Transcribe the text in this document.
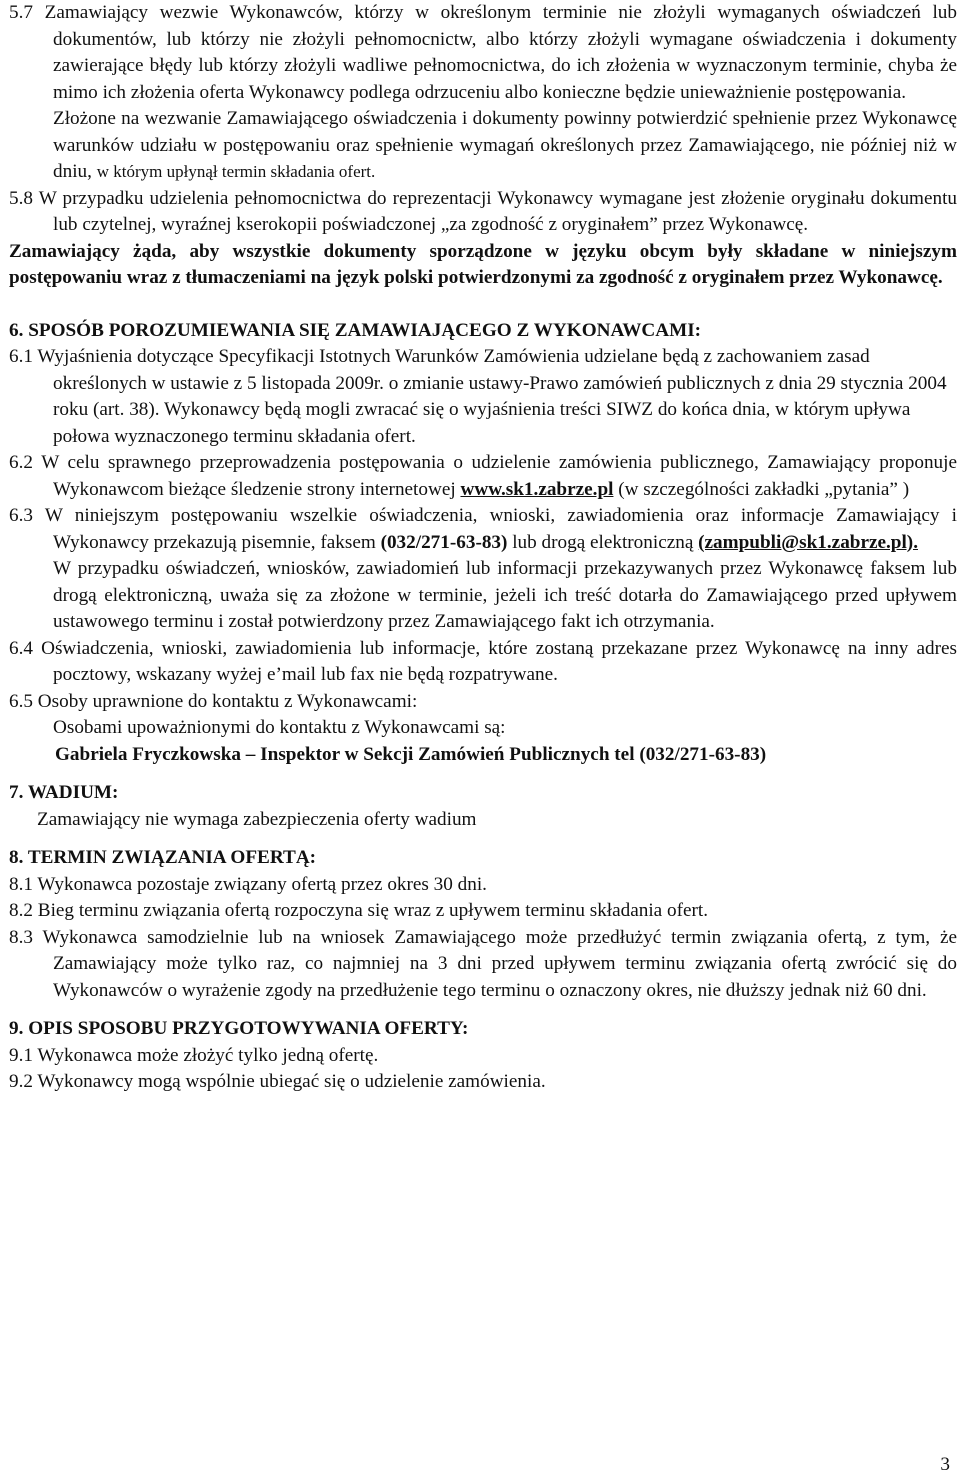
5.7 Zamawiający wezwie Wykonawców, którzy w określonym terminie nie złożyli wymaganych oświadczeń lub dokumentów, lub którzy nie złożyli pełnomocnictw, albo którzy złożyli wymagane oświadczenia i dokumenty zawierające błędy lub którzy złożyli wadliwe pełnomocnictwa, do ich złożenia w wyznaczonym terminie, chyba że mimo ich złożenia oferta Wykonawcy podlega odrzuceniu albo konieczne będzie unieważnienie postępowania.

Złożone na wezwanie Zamawiającego oświadczenia i dokumenty powinny potwierdzić spełnienie przez Wykonawcę warunków udziału w postępowaniu oraz spełnienie wymagań określonych przez Zamawiającego, nie później niż w dniu, w którym upłynął termin składania ofert.

5.8 W przypadku udzielenia pełnomocnictwa do reprezentacji Wykonawcy wymagane jest złożenie oryginału dokumentu lub czytelnej, wyraźnej kserokopii poświadczonej „za zgodność z oryginałem” przez Wykonawcę.

Zamawiający żąda, aby wszystkie dokumenty sporządzone w języku obcym były składane w niniejszym postępowaniu wraz z tłumaczeniami na język polski potwierdzonymi za zgodność z oryginałem przez Wykonawcę.

6. SPOSÓB POROZUMIEWANIA SIĘ ZAMAWIAJĄCEGO Z WYKONAWCAMI:

6.1 Wyjaśnienia dotyczące Specyfikacji Istotnych Warunków Zamówienia udzielane będą z zachowaniem zasad określonych w ustawie z 5 listopada 2009r. o zmianie ustawy-Prawo zamówień publicznych z dnia 29 stycznia 2004 roku (art. 38). Wykonawcy będą mogli zwracać się o wyjaśnienia treści SIWZ do końca dnia, w którym upływa połowa wyznaczonego terminu składania ofert.

6.2 W celu sprawnego przeprowadzenia postępowania o udzielenie zamówienia publicznego, Zamawiający proponuje Wykonawcom bieżące śledzenie strony internetowej www.sk1.zabrze.pl (w szczególności zakładki „pytania” )

6.3 W niniejszym postępowaniu wszelkie oświadczenia, wnioski, zawiadomienia oraz informacje Zamawiający i Wykonawcy przekazują pisemnie, faksem (032/271-63-83) lub drogą elektroniczną (zampubli@sk1.zabrze.pl).

W przypadku oświadczeń, wniosków, zawiadomień lub informacji przekazywanych przez Wykonawcę faksem lub drogą elektroniczną, uważa się za złożone w terminie, jeżeli ich treść dotarła do Zamawiającego przed upływem ustawowego terminu i został potwierdzony przez Zamawiającego fakt ich otrzymania.

6.4 Oświadczenia, wnioski, zawiadomienia lub informacje, które zostaną przekazane przez Wykonawcę na inny adres pocztowy, wskazany wyżej e’mail lub fax nie będą rozpatrywane.

6.5 Osoby uprawnione do kontaktu z Wykonawcami:

Osobami upoważnionymi do kontaktu z Wykonawcami są:

Gabriela Fryczkowska – Inspektor w Sekcji Zamówień Publicznych tel (032/271-63-83)

7. WADIUM:

Zamawiający nie wymaga zabezpieczenia oferty wadium

8. TERMIN ZWIĄZANIA OFERTĄ:

8.1 Wykonawca pozostaje związany ofertą przez okres 30 dni.

8.2 Bieg terminu związania ofertą rozpoczyna się wraz z upływem terminu składania ofert.

8.3 Wykonawca samodzielnie lub na wniosek Zamawiającego może przedłużyć termin związania ofertą, z tym, że Zamawiający może tylko raz, co najmniej na 3 dni przed upływem terminu związania ofertą zwrócić się do Wykonawców o wyrażenie zgody na przedłużenie tego terminu o oznaczony okres, nie dłuższy jednak niż 60 dni.

9. OPIS SPOSOBU PRZYGOTOWYWANIA OFERTY:

9.1 Wykonawca może złożyć tylko jedną ofertę.

9.2 Wykonawcy mogą wspólnie ubiegać się o udzielenie zamówienia.

3
